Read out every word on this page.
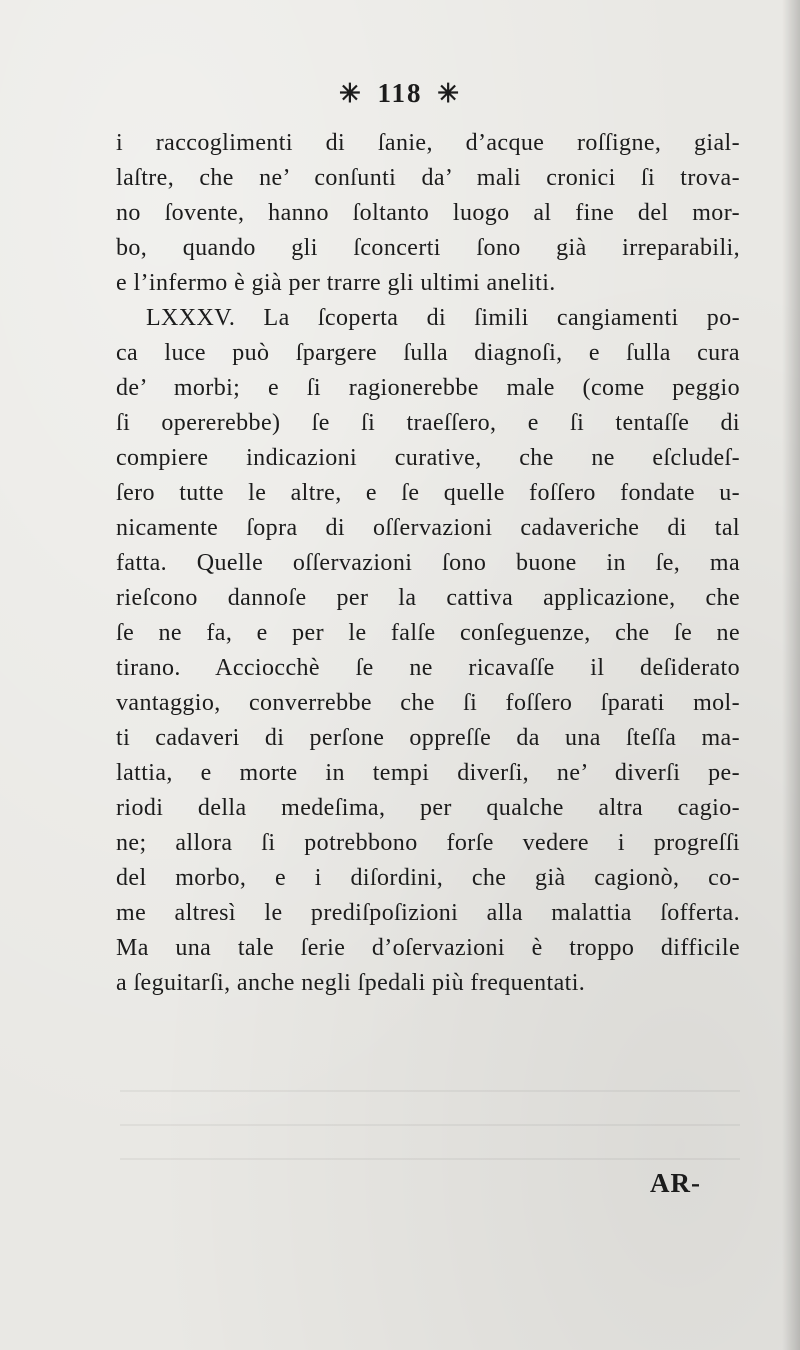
✳ 118 ✳
i raccoglimenti di ſanie, d’acque roſſigne, gial-
laſtre, che ne’ conſunti da’ mali cronici ſi trova-
no ſovente, hanno ſoltanto luogo al fine del mor-
bo, quando gli ſconcerti ſono già irreparabili,
e l’infermo è già per trarre gli ultimi aneliti.
LXXXV. La ſcoperta di ſimili cangiamenti po-
ca luce può ſpargere ſulla diagnoſi, e ſulla cura
de’ morbi; e ſi ragionerebbe male (come peggio
ſi opererebbe) ſe ſi traeſſero, e ſi tentaſſe di
compiere indicazioni curative, che ne eſcludeſ-
ſero tutte le altre, e ſe quelle foſſero fondate u-
nicamente ſopra di oſſervazioni cadaveriche di tal
fatta. Quelle oſſervazioni ſono buone in ſe, ma
rieſcono dannoſe per la cattiva applicazione, che
ſe ne fa, e per le falſe conſeguenze, che ſe ne
tirano. Acciocchè ſe ne ricavaſſe il deſiderato
vantaggio, converrebbe che ſi foſſero ſparati mol-
ti cadaveri di perſone oppreſſe da una ſteſſa ma-
lattia, e morte in tempi diverſi, ne’ diverſi pe-
riodi della medeſima, per qualche altra cagio-
ne; allora ſi potrebbono forſe vedere i progreſſi
del morbo, e i diſordini, che già cagionò, co-
me altresì le prediſpoſizioni alla malattia ſofferta.
Ma una tale ſerie d’oſervazioni è troppo difficile
a ſeguitarſi, anche negli ſpedali più frequentati.
AR-
